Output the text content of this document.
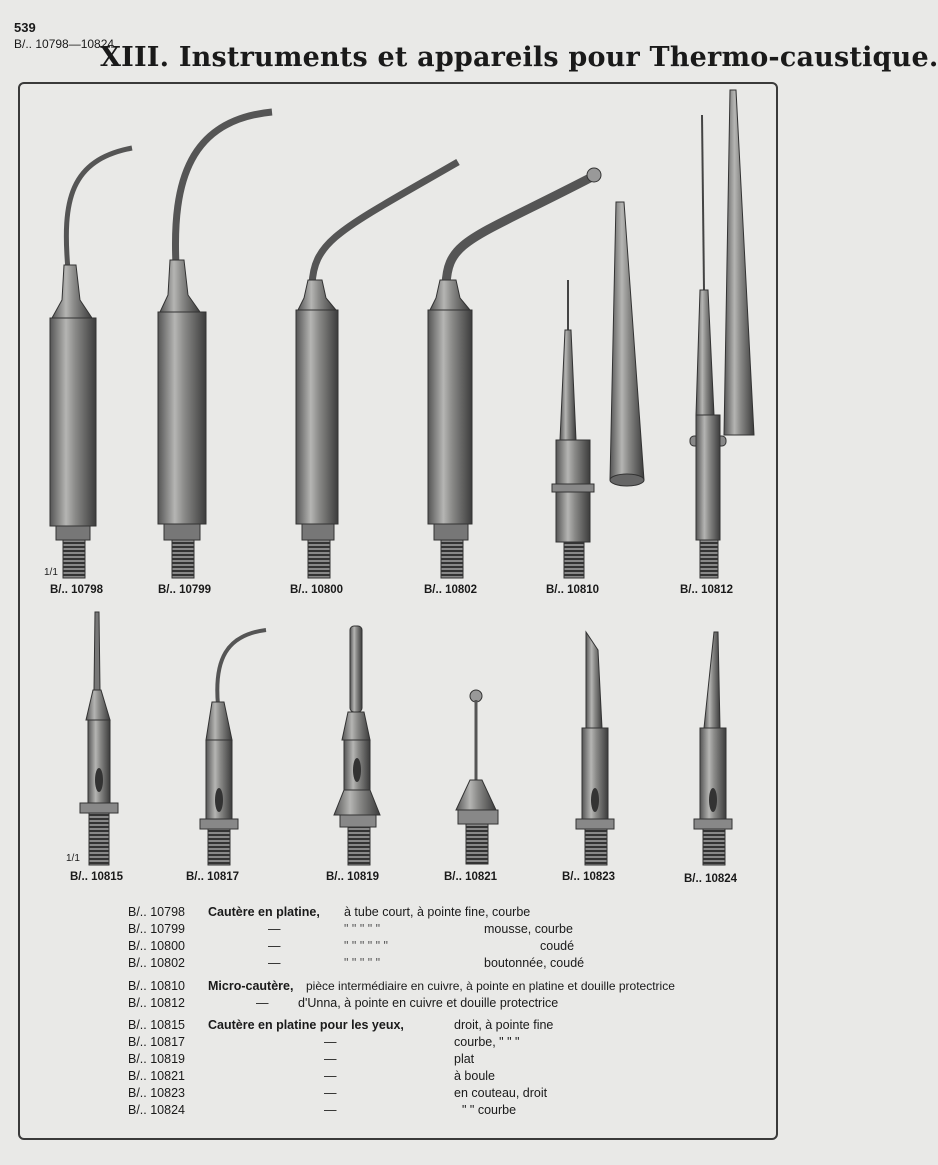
539
B/.. 10798—10824
XIII. Instruments et appareils pour Thermo-caustique.
1/1
1/1
B/.. 10798	B/.. 10799	B/.. 10800	B/.. 10802	B/.. 10810	B/.. 10812
B/.. 10815	B/.. 10817	B/.. 10819	B/.. 10821	B/.. 10823	B/.. 10824
B/.. 10798	Cautère en platine, à tube court, à pointe fine, courbe
B/.. 10799	—	" " " " "	mousse, courbe
B/.. 10800	—	" " " " " "	coudé
B/.. 10802	—	" " " " "	boutonnée, coudé
B/.. 10810	Micro-cautère, pièce intermédiaire en cuivre, à pointe en platine et douille protectrice
B/.. 10812	— d'Unna, à pointe en cuivre et douille protectrice
B/.. 10815	Cautère en platine pour les yeux,	droit, à pointe fine
B/.. 10817	—	courbe, " " "
B/.. 10819	—	plat
B/.. 10821	—	à boule
B/.. 10823	—	en couteau, droit
B/.. 10824	—	" " courbe
